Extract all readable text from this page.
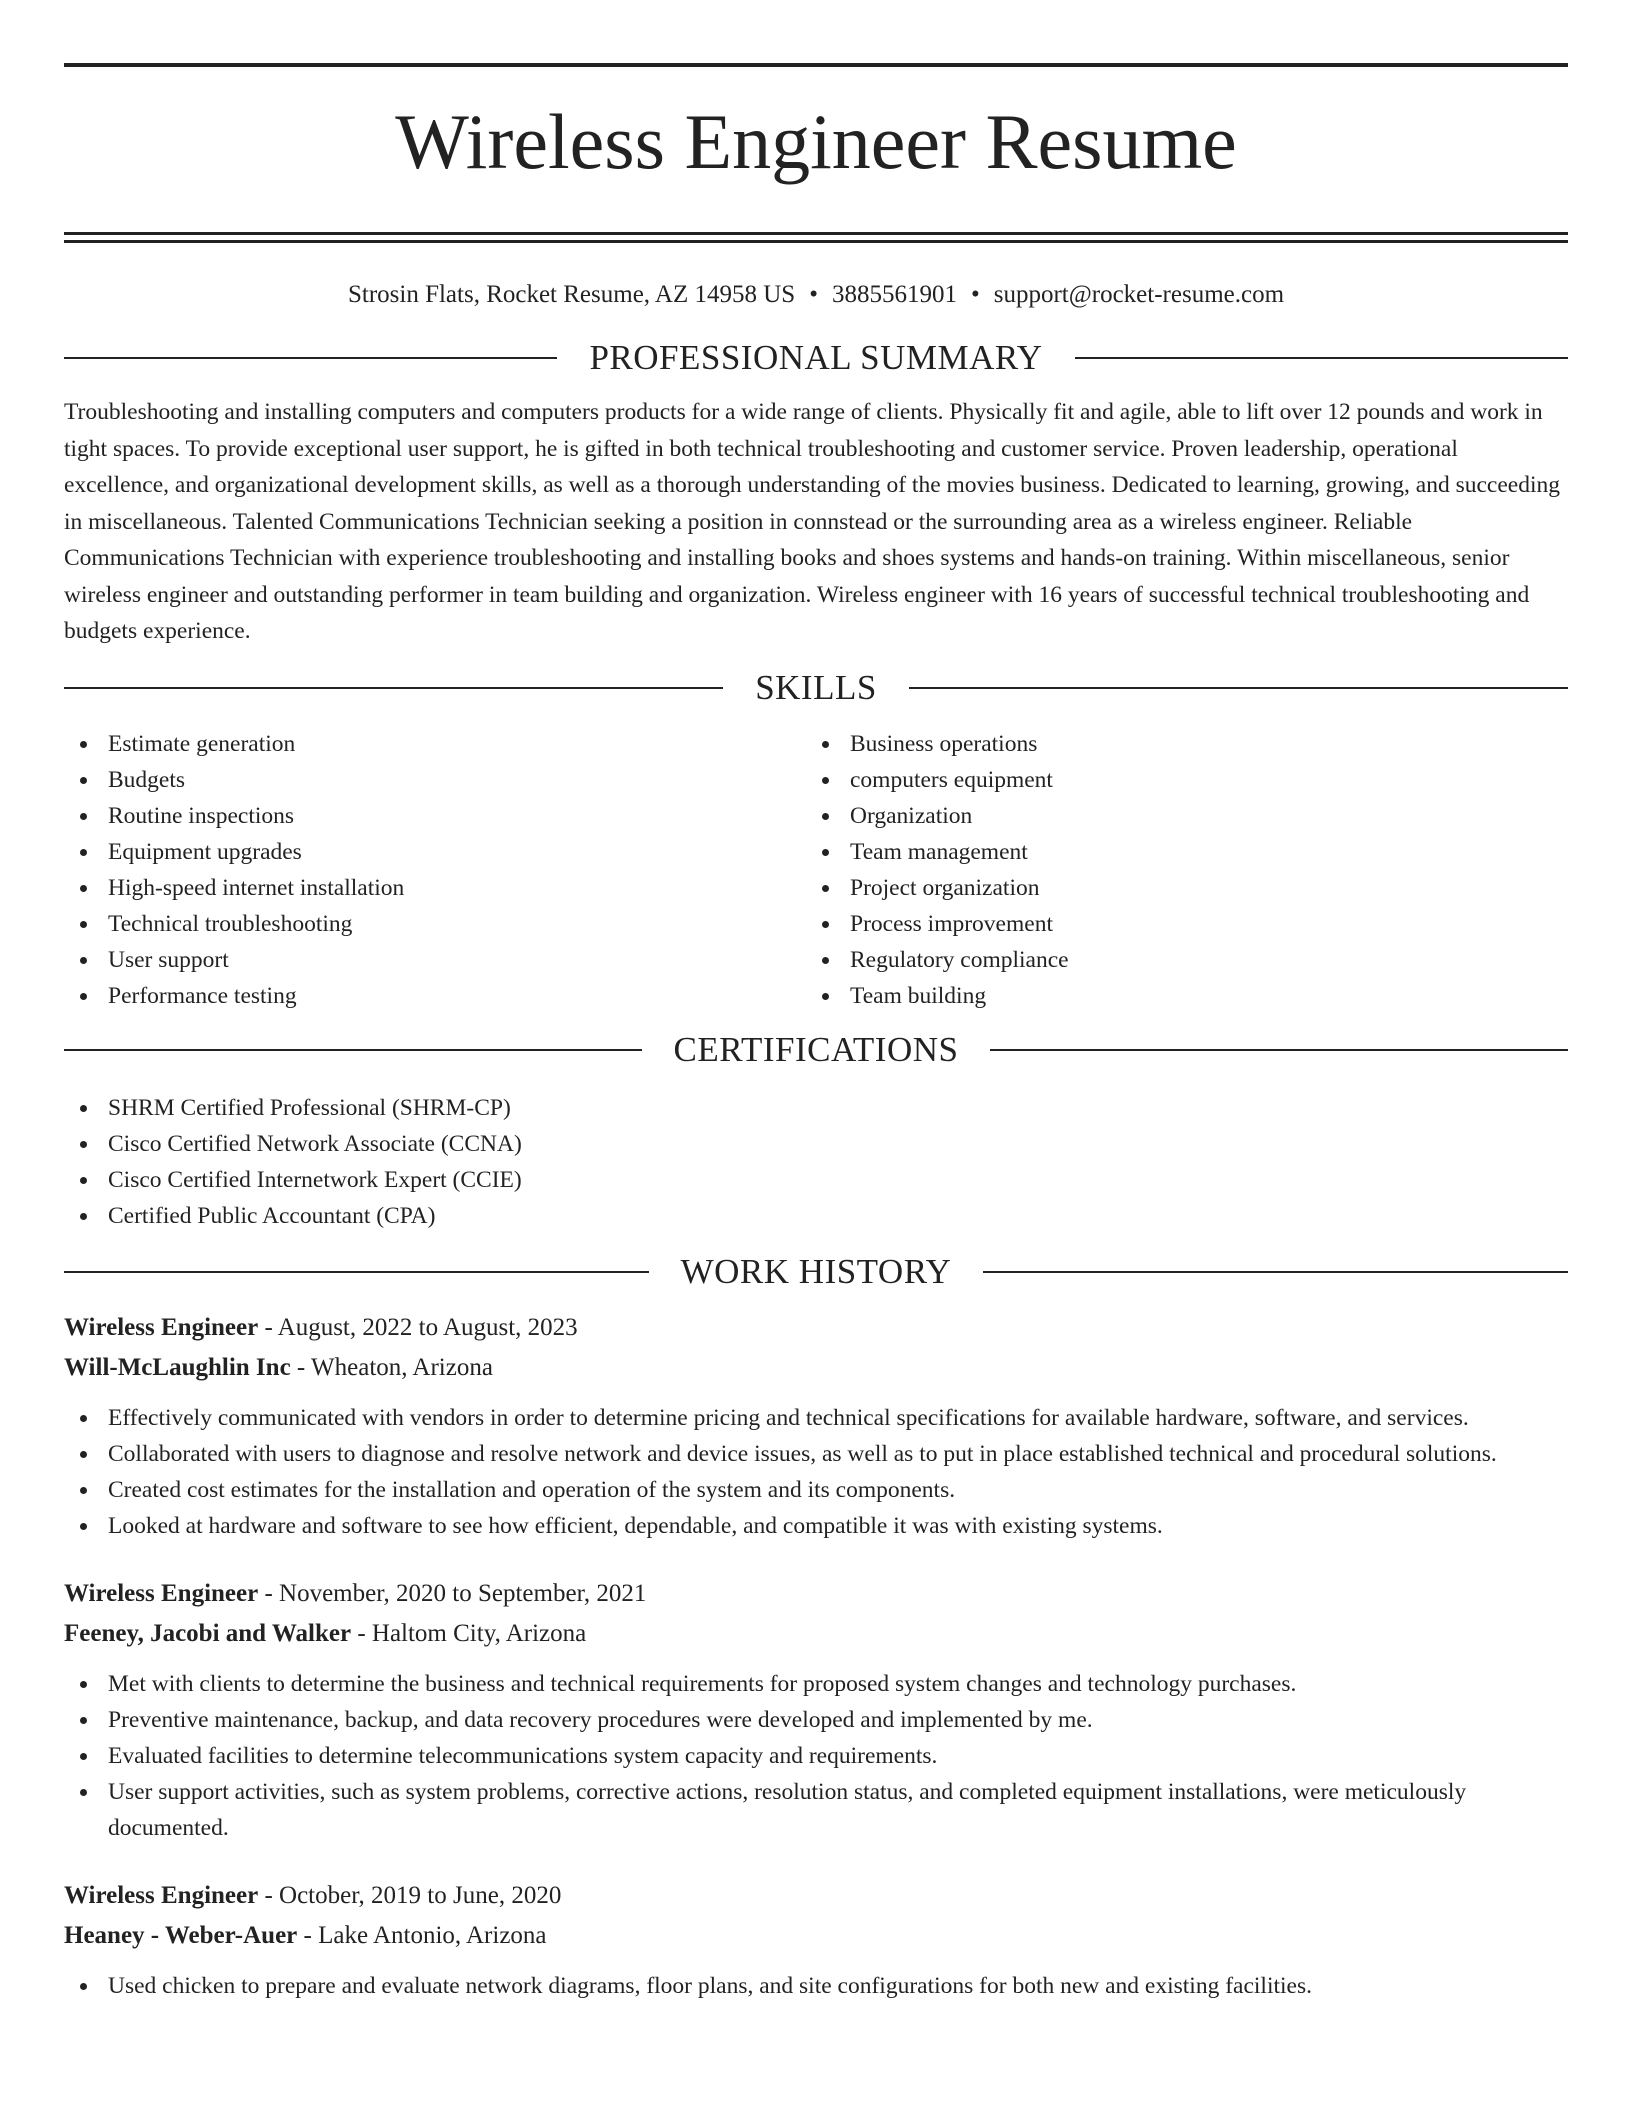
Wireless Engineer Resume
Strosin Flats, Rocket Resume, AZ 14958 US • 3885561901 • support@rocket-resume.com
PROFESSIONAL SUMMARY

Troubleshooting and installing computers and computers products for a wide range of clients. Physically fit and agile, able to lift over 12 pounds and work in tight spaces. To provide exceptional user support, he is gifted in both technical troubleshooting and customer service. Proven leadership, operational excellence, and organizational development skills, as well as a thorough understanding of the movies business. Dedicated to learning, growing, and succeeding in miscellaneous. Talented Communications Technician seeking a position in connstead or the surrounding area as a wireless engineer. Reliable Communications Technician with experience troubleshooting and installing books and shoes systems and hands-on training. Within miscellaneous, senior wireless engineer and outstanding performer in team building and organization. Wireless engineer with 16 years of successful technical troubleshooting and budgets experience.

SKILLS
Estimate generation
Budgets
Routine inspections
Equipment upgrades
High-speed internet installation
Technical troubleshooting
User support
Performance testing
Business operations
computers equipment
Organization
Team management
Project organization
Process improvement
Regulatory compliance
Team building
CERTIFICATIONS
SHRM Certified Professional (SHRM-CP)
Cisco Certified Network Associate (CCNA)
Cisco Certified Internetwork Expert (CCIE)
Certified Public Accountant (CPA)
WORK HISTORY
Wireless Engineer - August, 2022 to August, 2023
Will-McLaughlin Inc - Wheaton, Arizona
Effectively communicated with vendors in order to determine pricing and technical specifications for available hardware, software, and services.
Collaborated with users to diagnose and resolve network and device issues, as well as to put in place established technical and procedural solutions.
Created cost estimates for the installation and operation of the system and its components.
Looked at hardware and software to see how efficient, dependable, and compatible it was with existing systems.
Wireless Engineer - November, 2020 to September, 2021
Feeney, Jacobi and Walker - Haltom City, Arizona
Met with clients to determine the business and technical requirements for proposed system changes and technology purchases.
Preventive maintenance, backup, and data recovery procedures were developed and implemented by me.
Evaluated facilities to determine telecommunications system capacity and requirements.
User support activities, such as system problems, corrective actions, resolution status, and completed equipment installations, were meticulously documented.
Wireless Engineer - October, 2019 to June, 2020
Heaney - Weber-Auer - Lake Antonio, Arizona
Used chicken to prepare and evaluate network diagrams, floor plans, and site configurations for both new and existing facilities.
